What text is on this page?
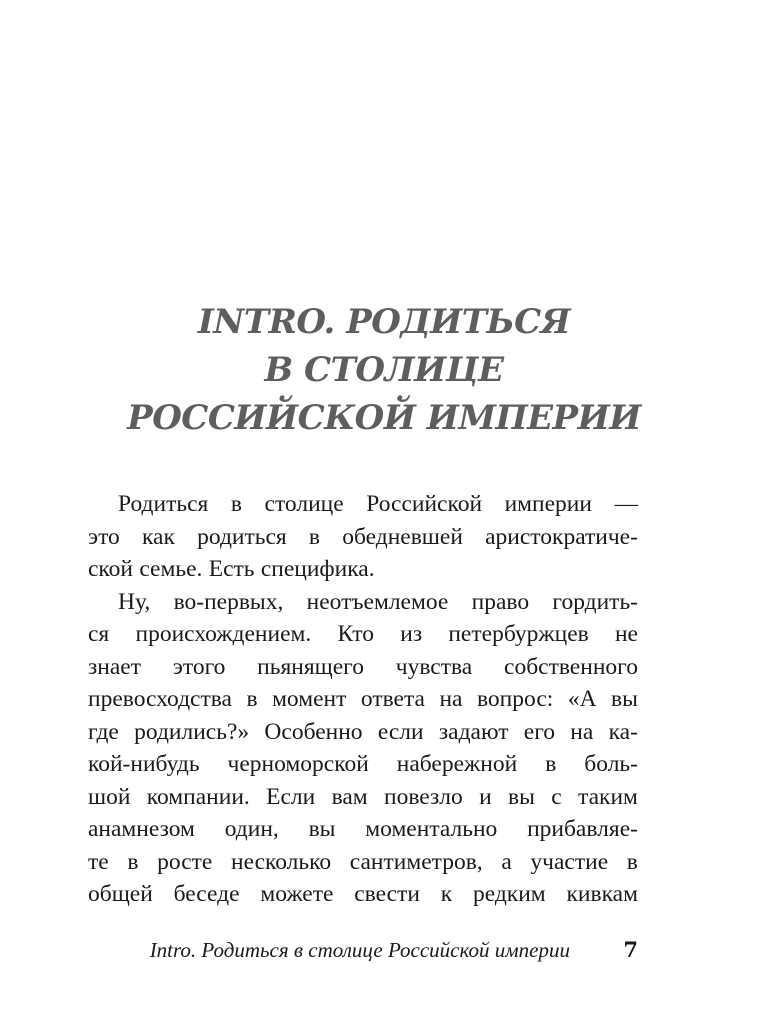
INTRO. РОДИТЬСЯ
В СТОЛИЦЕ
РОССИЙСКОЙ ИМПЕРИИ
Родиться в столице Российской империи —
это как родиться в обедневшей аристократиче-
ской семье. Есть специфика.
Ну, во-первых, неотъемлемое право гордить-
ся происхождением. Кто из петербуржцев не
знает этого пьянящего чувства собственного
превосходства в момент ответа на вопрос: «А вы
где родились?» Особенно если задают его на ка-
кой-нибудь черноморской набережной в боль-
шой компании. Если вам повезло и вы с таким
анамнезом один, вы моментально прибавляе-
те в росте несколько сантиметров, а участие в
общей беседе можете свести к редким кивкам
Intro. Родиться в столице Российской империи	7
